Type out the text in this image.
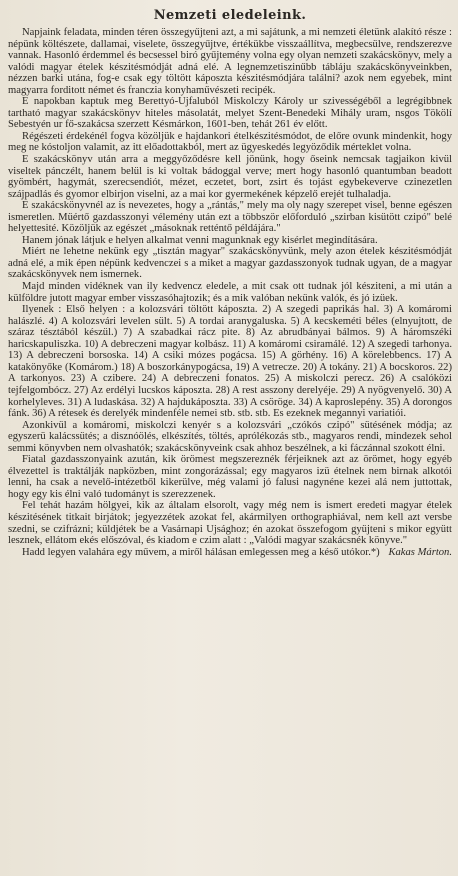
Nemzeti eledeleink.

Napjaink feladata, minden téren összegyűjteni azt, a mi sajátunk, a mi nemzeti életünk alakító része : népünk költészete, dallamai, viselete, összegyűjtve, értékükbe visszaállítva, megbecsülve, rendszerezve vannak. Hasonló érdemmel és becsessel biró gyűjtemény volna egy olyan nemzeti szakácskönyv, mely a valódi magyar ételek készitésmódját adná elé. A legnemzetiszinűbb tábláju szakácskönyveinkben, nézzen barki utána, fog-e csak egy töltött káposzta készitésmódjára találni? azok nem egyebek, mint magyarra forditott német és franczia konyhaművészeti recipék.

E napokban kaptuk meg Berettyó-Ujfaluból Miskolczy Károly ur szivességéből a legrégibbnek tartható magyar szakácskönyv hiteles másolatát, melyet Szent-Benedeki Mihály uram, nsgos Tökölí Sebestyén ur fő-szakácsa szerzett Késmárkon, 1601-ben, tehát 261 év előtt.

Régészeti érdekénél fogva közöljük e hajdankori ételkészitésmódot, de előre ovunk mindenkit, hogy meg ne kóstoljon valamit, az itt előadottakból, mert az ügyeskedés legyöződik mérteklet volna.

E szakácskönyv után arra a meggyőződésre kell jönünk, hogy őseink nemcsak tagjaikon kivül viseltek pánczélt, hanem belül is ki voltak bádoggal verve; mert hogy hasonló quantumban beadott gyömbért, hagymát, szerecsendiót, mézet, eczetet, bort, zsirt és tojást egybekeverve czinezetlen szájpadlás és gyomor elbirjon viselni, az a mai kor gyermekének képzelő erejét tulhaladja.

E szakácskönyvnél az is nevezetes, hogy a „rántás," mely ma oly nagy szerepet visel, benne egészen ismeretlen. Müértő gazdasszonyi vélemény után ezt a többször előforduló „szirban kisütött czipó" belé helyettesité. Közöljük az egészet „másoknak retténtő példájára."

Hanem jónak látjuk e helyen alkalmat venni magunknak egy kisérlet megindítására.

Miért ne lehetne nekünk egy „tisztán magyar" szakácskönyvünk, mely azon ételek készitésmódját adná elé, a mik épen népünk kedvenczei s a miket a magyar gazdasszonyok tudnak ugyan, de a magyar szakácskönyvek nem ismernek.

Majd minden vidéknek van ily kedvencz eledele, a mit csak ott tudnak jól késziteni, a mi után a külföldre jutott magyar ember visszasóhajtozik; és a mik valóban nekünk valók, és jó izüek.

Ilyenek : Első helyen : a kolozsvári töltött káposzta. 2) A szegedi paprikás hal. 3) A komáromi halászlé. 4) A kolozsvári levelen sült. 5) A tordai aranygaluska. 5) A kecskeméti béles (elnyujtott, de száraz tésztából készül.) 7) A szabadkai rácz pite. 8) Az abrudbányai bálmos. 9) A háromszéki haricskapuliszka. 10) A debreczeni magyar kolbász. 11) A komáromi csiramálé. 12) A szegedi tarhonya. 13) A debreczeni borsoska. 14) A csiki mózes pogácsa. 15) A görhény. 16) A körelebbencs. 17) A katakönyőke (Komárom.) 18) A boszorkánypogácsa, 19) A vetrecze. 20) A tokány. 21) A bocskoros. 22) A tarkonyos. 23) A czibere. 24) A debreczeni fonatos. 25) A miskolczi perecz. 26) A csalóközi tejfelgombócz. 27) Az erdélyi lucskos káposzta. 28) A rest asszony derelyéje. 29) A nyögvenyelő. 30) A korhelyleves. 31) A ludaskása. 32) A hajdukáposzta. 33) A csöröge. 34) A kaproslepény. 35) A dorongos fánk. 36) A rétesek és derelyék mindenféle nemei stb. stb. stb. Es ezeknek megannyi variatiói.

Azonkivül a komáromi, miskolczi kenyér s a kolozsvári „czókós czipó" sütésének módja; az egyszerü kalácssütés; a disznóölés, elkészítés, töltés, aprólékozás stb., magyaros rendi, mindezek sehol semmi könyvben nem olvashatók; szakácskönyveink csak ahhoz beszélnek, a ki fáczánnal szokott élni.

Fiatal gazdasszonyaink azután, kik örömest megszereznék férjeiknek azt az örömet, hogy egyéb élvezettel is traktálják napközben, mint zongorázással; egy magyaros izü ételnek nem birnak alkotói lenni, ha csak a nevelő-intézetből kikerülve, még valami jó falusi nagynéne kezei alá nem juttottak, hogy egy kis élni való tudományt is szerezzenek.

Fel tehát hazám hölgyei, kik az általam elsorolt, vagy még nem is ismert eredeti magyar ételek készitésének titkait birjátok; jegyezzétek azokat fel, akármilyen orthographiával, nem kell azt versbe szedni, se czifrázni; küldjétek be a Vasárnapi Ujsághoz; én azokat összefogom gyüjteni s mikor együtt lesznek, ellátom ekés előszóval, és kiadom e czim alatt : „Valódi magyar szakácsnék könyve."

Hadd legyen valahára egy művem, a miről hálásan emlegessen meg a késő utókor.*) Kakas Márton.
